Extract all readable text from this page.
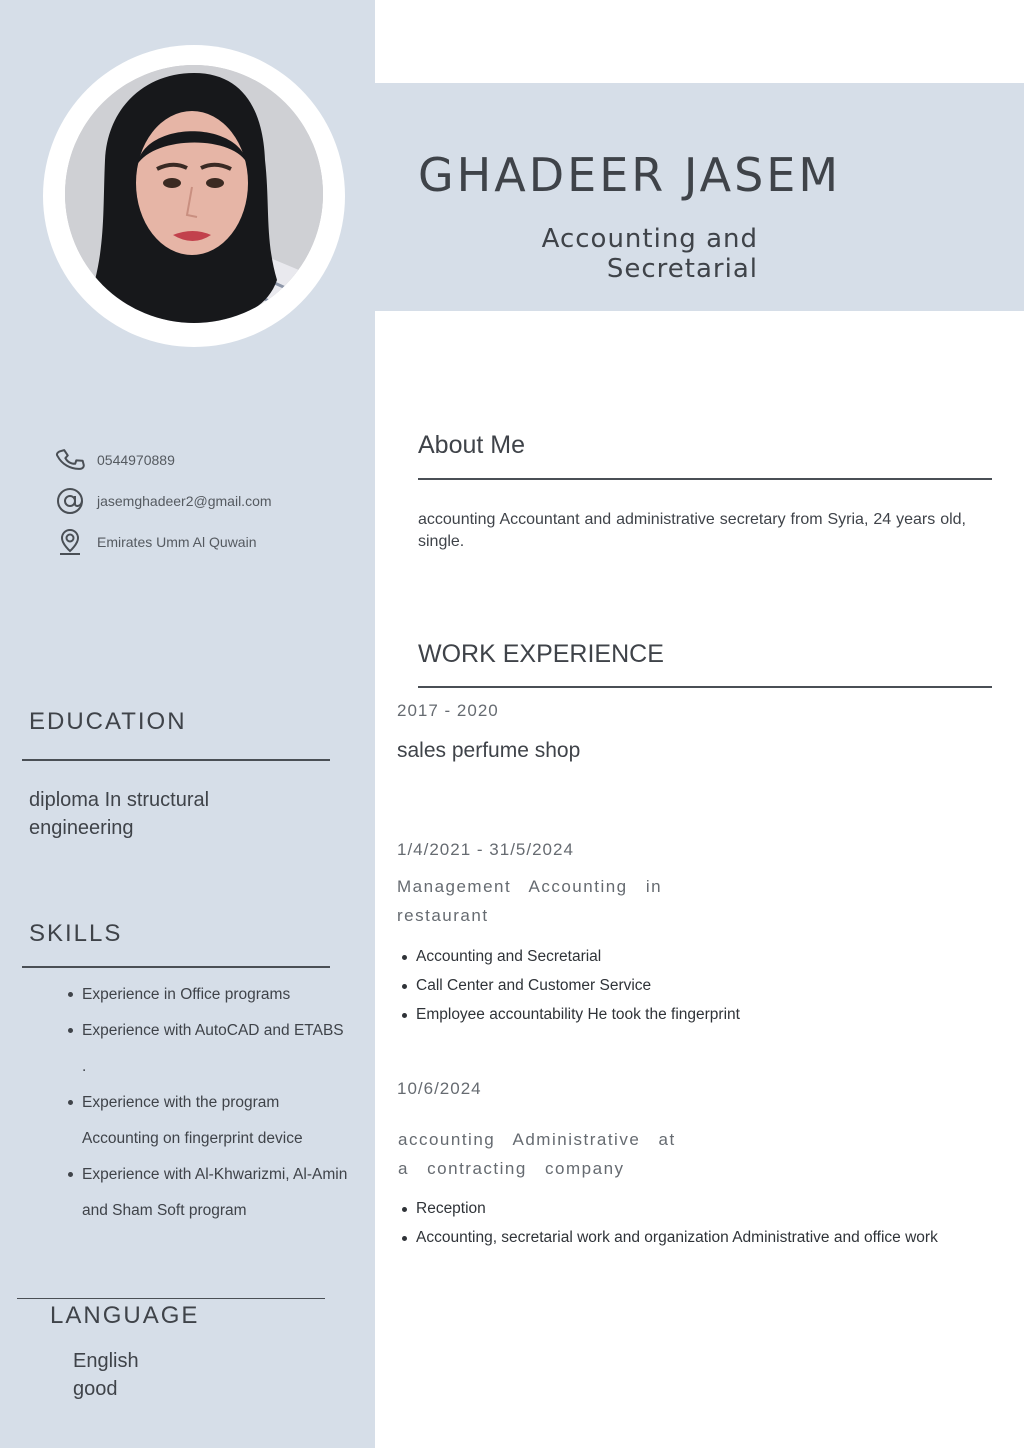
GHADEER JASEM
Accounting and
Secretarial
0544970889
jasemghadeer2@gmail.com
Emirates Umm Al Quwain
EDUCATION
diploma In structural
engineering
SKILLS
Experience in Office programs
Experience with AutoCAD and ETABS .
Experience with the program Accounting on fingerprint device
Experience with Al-Khwarizmi, Al-Amin and Sham Soft program
LANGUAGE
English
good
About Me
accounting Accountant and administrative secretary from Syria, 24 years old, single.
WORK EXPERIENCE
2017 - 2020
sales perfume shop
1/4/2021 - 31/5/2024
Management Accounting in
restaurant
Accounting and Secretarial
Call Center and Customer Service
Employee accountability He took the fingerprint
10/6/2024
accounting Administrative at
a contracting company
Reception
Accounting, secretarial work and organization Administrative and office work
